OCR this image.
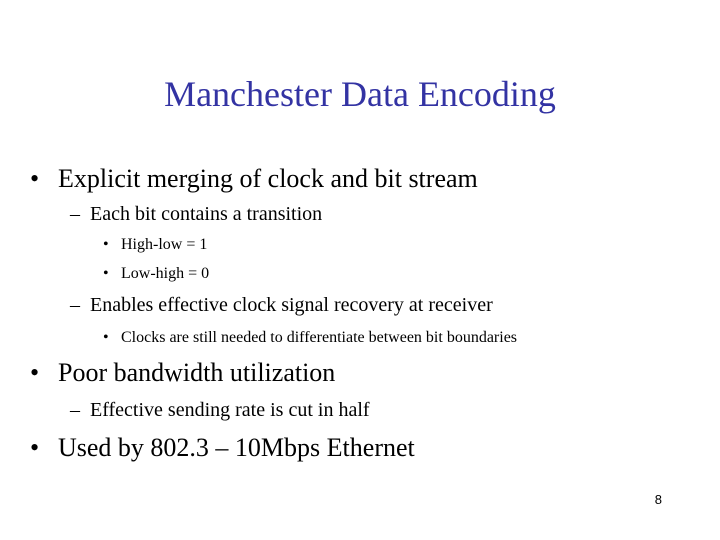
Manchester Data Encoding
• Explicit merging of clock and bit stream
– Each bit contains a transition
• High-low = 1
• Low-high = 0
– Enables effective clock signal recovery at receiver
• Clocks are still needed to differentiate between bit boundaries
• Poor bandwidth utilization
– Effective sending rate is cut in half
• Used by 802.3 – 10Mbps Ethernet
8
